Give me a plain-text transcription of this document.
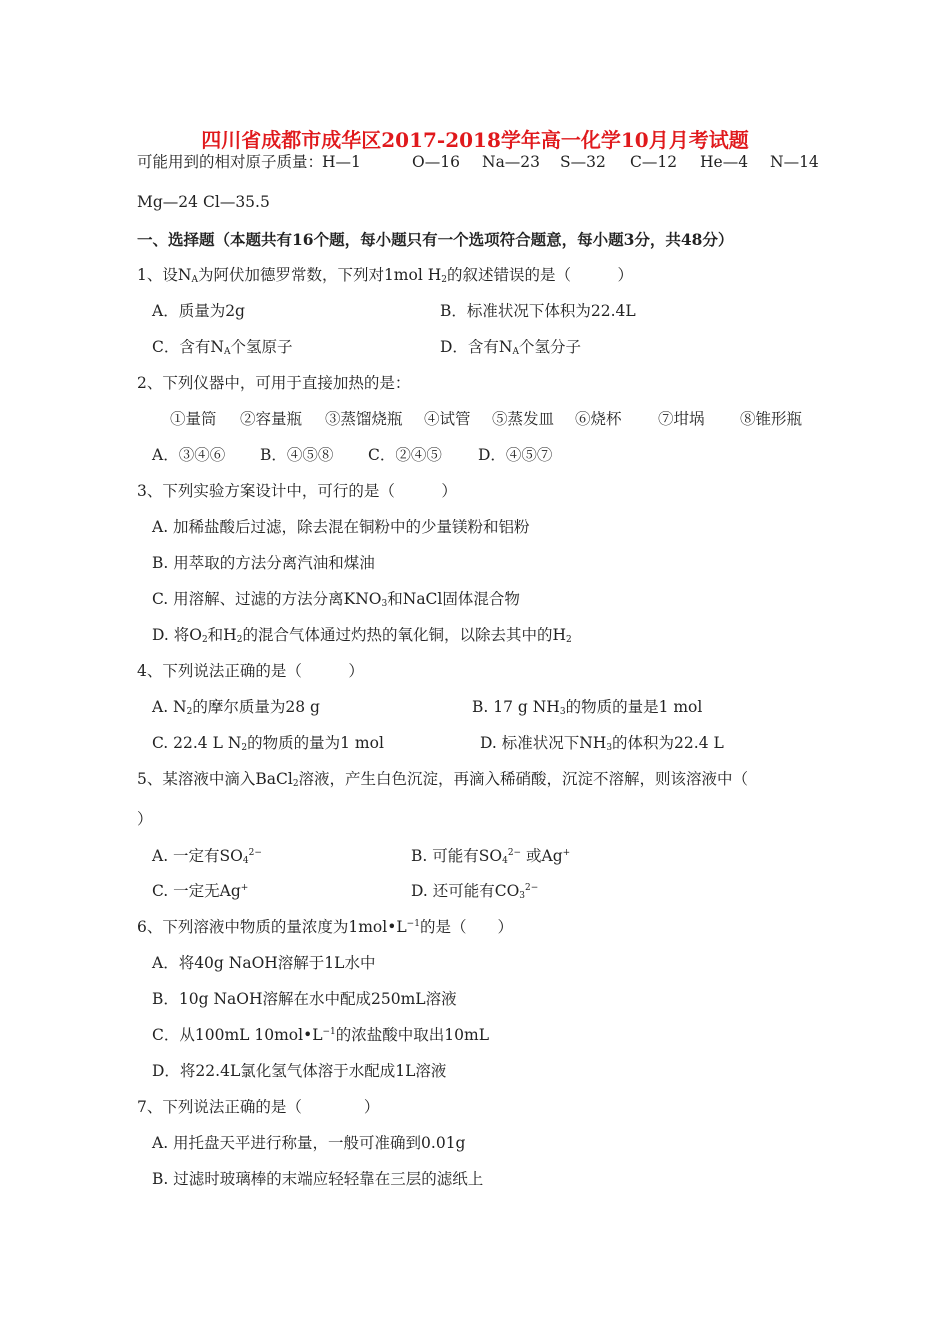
四川省成都市成华区2017-2018学年高一化学10月月考试题
可能用到的相对原子质量：
H—1	O—16 Na—23 S—32 C—12 He—4 N—14
Mg—24 Cl—35.5
一、选择题（本题共有16个题，每小题只有一个选项符合题意，每小题3分，共48分）
1、设$N_A$为阿伏加德罗常数，下列对1mol $H_2$的叙述错误的是（　　　）
A．质量为2g	B．标准状况下体积为22.4L
C．含有$N_A$个氢原子	D．含有$N_A$个氢分子
2、下列仪器中，可用于直接加热的是：
①量筒 ②容量瓶 ③蒸馏烧瓶 ④试管 ⑤蒸发皿 ⑥烧杯 ⑦坩埚 ⑧锥形瓶
A．③④⑥ B．④⑤⑧ C．②④⑤ D．④⑤⑦
3、下列实验方案设计中，可行的是（　　　）
A. 加稀盐酸后过滤，除去混在铜粉中的少量镁粉和铝粉
B. 用萃取的方法分离汽油和煤油
C. 用溶解、过滤的方法分离$KNO_3$和NaCl固体混合物
D. 将$O_2$和$H_2$的混合气体通过灼热的氧化铜，以除去其中的$H_2$
4、下列说法正确的是（　　　）
A. $N_2$的摩尔质量为28 g	B. 17 g $NH_3$的物质的量是1 mol
C. 22.4 L $N_2$的物质的量为1 mol	D. 标准状况下$NH_3$的体积为22.4 L
5、某溶液中滴入BaCl$_2$溶液，产生白色沉淀，再滴入稀硝酸，沉淀不溶解，则该溶液中（
）
A. 一定有$SO_4^{2-}$	B. 可能有$SO_4^{2-}$ 或Ag+
C. 一定无Ag+	D. 还可能有$CO_3^{2-}$
6、下列溶液中物质的量浓度为$1mol•L^{-1}$的是（　　）
A．将40g NaOH溶解于1L水中
B．10g NaOH溶解在水中配成250mL溶液
C．从100mL $10mol•L^{-1}$的浓盐酸中取出10mL
D．将22.4L氯化氢气体溶于水配成1L溶液
7、下列说法正确的是（　　　　）
A. 用托盘天平进行称量，一般可准确到0.01g
B. 过滤时玻璃棒的末端应轻轻靠在三层的滤纸上
